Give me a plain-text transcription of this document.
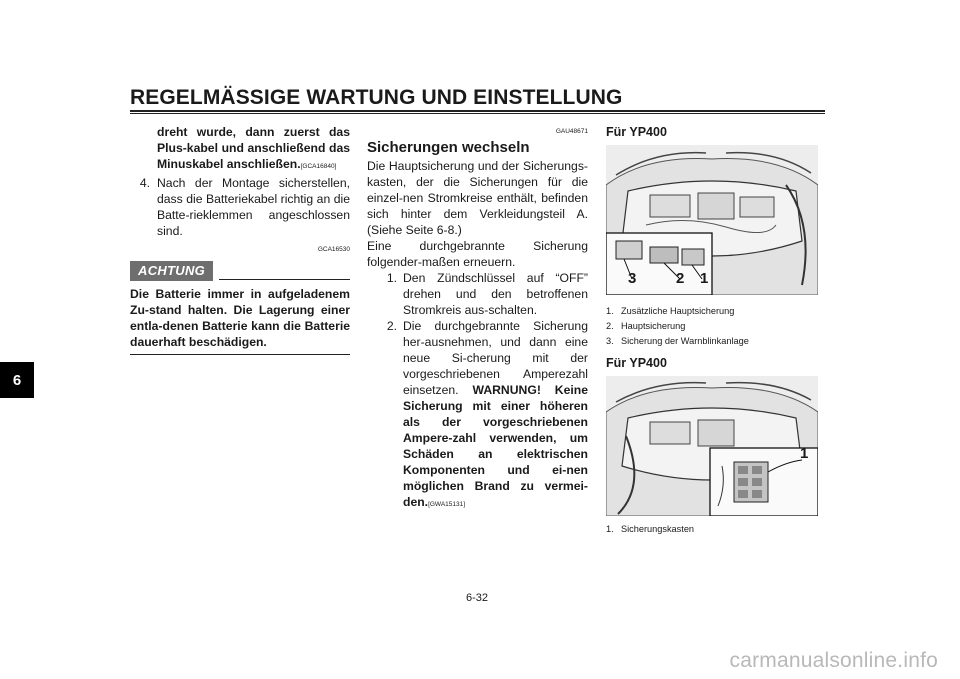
REGELMÄSSIGE WARTUNG UND EINSTELLUNG
6
dreht wurde, dann zuerst das Plus-kabel und anschließend das Minuskabel anschließen.[GCA16840]
4. Nach der Montage sicherstellen, dass die Batteriekabel richtig an die Batte-rieklemmen angeschlossen sind.
GCA16530
ACHTUNG
Die Batterie immer in aufgeladenem Zu-stand halten. Die Lagerung einer entla-denen Batterie kann die Batterie dauerhaft beschädigen.
GAU48671
Sicherungen wechseln
Die Hauptsicherung und der Sicherungs-kasten, der die Sicherungen für die einzel-nen Stromkreise enthält, befinden sich hinter dem Verkleidungsteil A. (Siehe Seite 6-8.)
Eine durchgebrannte Sicherung folgender-maßen erneuern.
1. Den Zündschlüssel auf “OFF” drehen und den betroffenen Stromkreis aus-schalten.
2. Die durchgebrannte Sicherung her-ausnehmen, und dann eine neue Si-cherung mit der vorgeschriebenen Amperezahl einsetzen. WARNUNG! Keine Sicherung mit einer höheren als der vorgeschriebenen Ampere-zahl verwenden, um Schäden an elektrischen Komponenten und ei-nen möglichen Brand zu vermei-den.[GWA15131]
Für YP400
3	2 1
1. Zusätzliche Hauptsicherung
2. Hauptsicherung
3. Sicherung der Warnblinkanlage
Für YP400
1
1. Sicherungskasten
6-32
carmanualsonline.info
